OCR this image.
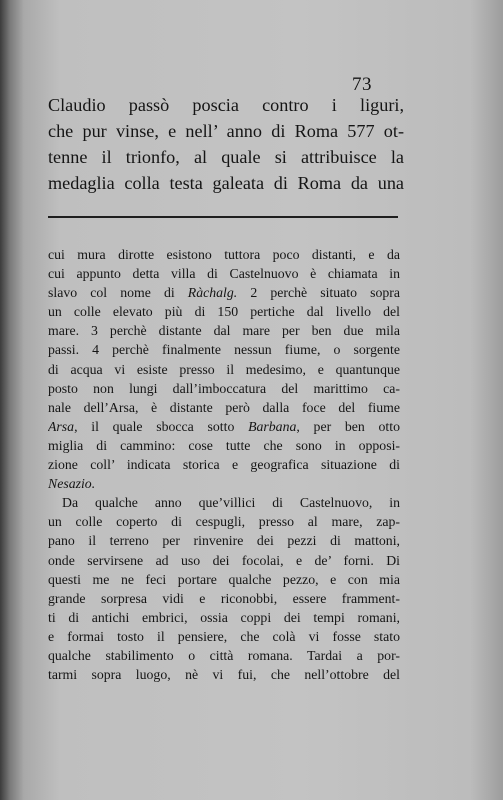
73
Claudio passò poscia contro i liguri,
che pur vinse, e nell’ anno di Roma 577 ot-
tenne il trionfo, al quale si attribuisce la
medaglia colla testa galeata di Roma da una
cui mura dirotte esistono tuttora poco distanti, e da
cui appunto detta villa di Castelnuovo è chiamata in
slavo col nome di Ràchalg. 2 perchè situato sopra
un colle elevato più di 150 pertiche dal livello del
mare. 3 perchè distante dal mare per ben due mila
passi. 4 perchè finalmente nessun fiume, o sorgente
di acqua vi esiste presso il medesimo, e quantunque
posto non lungi dall’imboccatura del marittimo ca-
nale dell’Arsa, è distante però dalla foce del fiume
Arsa, il quale sbocca sotto Barbana, per ben otto
miglia di cammino: cose tutte che sono in opposi-
zione coll’ indicata storica e geografica situazione di
Nesazio.
Da qualche anno que’villici di Castelnuovo, in
un colle coperto di cespugli, presso al mare, zap-
pano il terreno per rinvenire dei pezzi di mattoni,
onde servirsene ad uso dei focolai, e de’ forni. Di
questi me ne feci portare qualche pezzo, e con mia
grande sorpresa vidi e riconobbi, essere framment-
ti di antichi embrici, ossia coppi dei tempi romani,
e formai tosto il pensiere, che colà vi fosse stato
qualche stabilimento o città romana. Tardai a por-
tarmi sopra luogo, nè vi fui, che nell’ottobre del
